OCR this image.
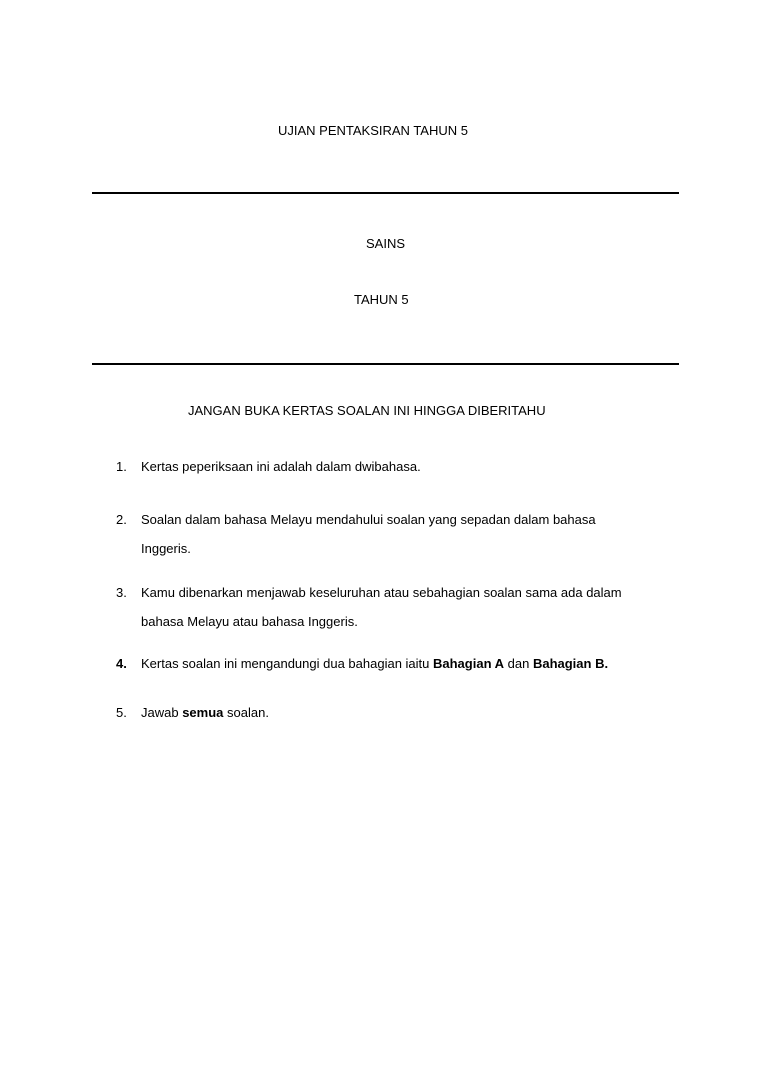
UJIAN PENTAKSIRAN TAHUN 5
SAINS
TAHUN 5
JANGAN BUKA KERTAS SOALAN INI HINGGA DIBERITAHU
1.	Kertas peperiksaan ini adalah dalam dwibahasa.
2.	Soalan dalam bahasa Melayu mendahului soalan yang sepadan dalam bahasa
Inggeris.
3.	Kamu dibenarkan menjawab keseluruhan atau sebahagian soalan sama ada dalam
bahasa Melayu atau bahasa Inggeris.
4.	Kertas soalan ini mengandungi dua bahagian iaitu Bahagian A dan Bahagian B.
5.	Jawab semua soalan.
